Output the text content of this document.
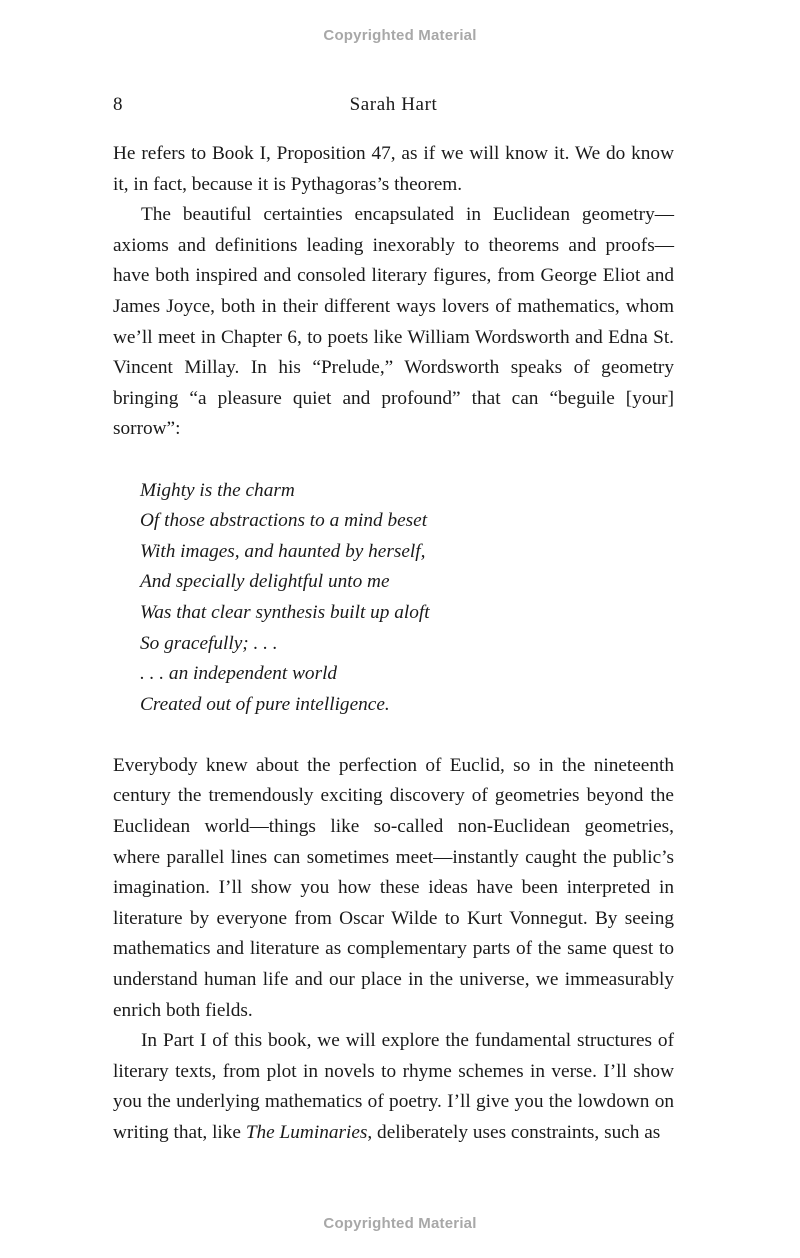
Copyrighted Material
8	Sarah Hart

He refers to Book I, Proposition 47, as if we will know it. We do know it, in fact, because it is Pythagoras’s theorem.

The beautiful certainties encapsulated in Euclidean geometry— axioms and definitions leading inexorably to theorems and proofs— have both inspired and consoled literary figures, from George Eliot and James Joyce, both in their different ways lovers of mathematics, whom we’ll meet in Chapter 6, to poets like William Wordsworth and Edna St. Vincent Millay. In his “Prelude,” Wordsworth speaks of geometry bringing “a pleasure quiet and profound” that can “beguile [your] sorrow”:

Mighty is the charm
Of those abstractions to a mind beset
With images, and haunted by herself,
And specially delightful unto me
Was that clear synthesis built up aloft
So gracefully; . . .
. . . an independent world
Created out of pure intelligence.

Everybody knew about the perfection of Euclid, so in the nineteenth century the tremendously exciting discovery of geometries beyond the Euclidean world—things like so-called non-Euclidean geometries, where parallel lines can sometimes meet—instantly caught the public’s imagination. I’ll show you how these ideas have been interpreted in literature by everyone from Oscar Wilde to Kurt Vonnegut. By seeing mathematics and literature as complementary parts of the same quest to understand human life and our place in the universe, we immeasurably enrich both fields.

In Part I of this book, we will explore the fundamental structures of literary texts, from plot in novels to rhyme schemes in verse. I’ll show you the underlying mathematics of poetry. I’ll give you the lowdown on writing that, like The Luminaries, deliberately uses constraints, such as

Copyrighted Material
